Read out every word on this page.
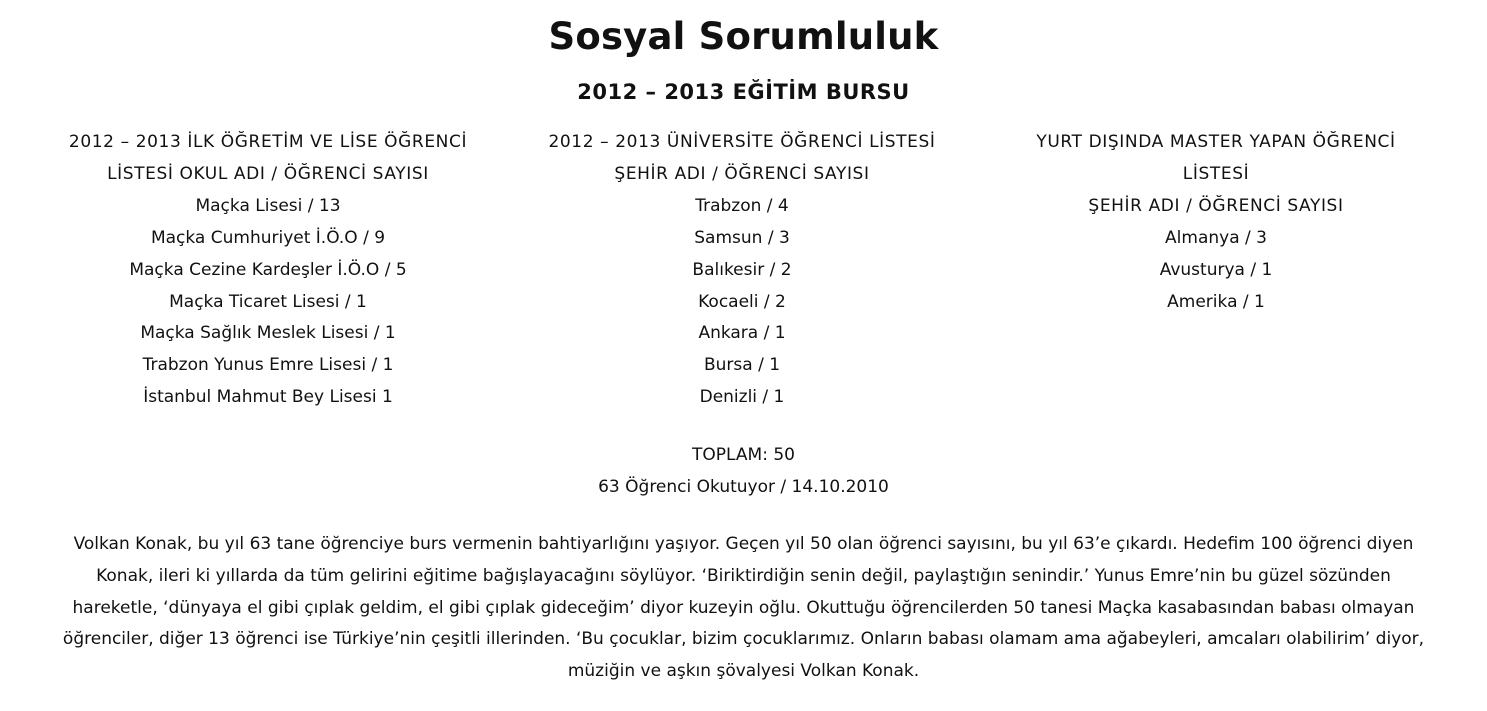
Sosyal Sorumluluk
2012 – 2013 EĞİTİM BURSU
2012 – 2013 İLK ÖĞRETİM VE LİSE ÖĞRENCİ
LİSTESİ OKUL ADI / ÖĞRENCİ SAYISI
Maçka Lisesi / 13
Maçka Cumhuriyet İ.Ö.O / 9
Maçka Cezine Kardeşler İ.Ö.O / 5
Maçka Ticaret Lisesi / 1
Maçka Sağlık Meslek Lisesi / 1
Trabzon Yunus Emre Lisesi / 1
İstanbul Mahmut Bey Lisesi 1
2012 – 2013 ÜNİVERSİTE ÖĞRENCİ LİSTESİ
ŞEHİR ADI / ÖĞRENCİ SAYISI
Trabzon / 4
Samsun / 3
Balıkesir / 2
Kocaeli / 2
Ankara / 1
Bursa / 1
Denizli / 1
YURT DIŞINDA MASTER YAPAN ÖĞRENCİ
LİSTESİ
ŞEHİR ADI / ÖĞRENCİ SAYISI
Almanya / 3
Avusturya / 1
Amerika / 1
TOPLAM: 50
63 Öğrenci Okutuyor / 14.10.2010

Volkan Konak, bu yıl 63 tane öğrenciye burs vermenin bahtiyarlığını yaşıyor. Geçen yıl 50 olan öğrenci sayısını, bu yıl 63’e çıkardı. Hedefim 100 öğrenci diyen Konak, ileri ki yıllarda da tüm gelirini eğitime bağışlayacağını söylüyor. ‘Biriktirdiğin senin değil, paylaştığın senindir.’ Yunus Emre’nin bu güzel sözünden hareketle, ‘dünyaya el gibi çıplak geldim, el gibi çıplak gideceğim’ diyor kuzeyin oğlu. Okuttuğu öğrencilerden 50 tanesi Maçka kasabasından babası olmayan öğrenciler, diğer 13 öğrenci ise Türkiye’nin çeşitli illerinden. ‘Bu çocuklar, bizim çocuklarımız. Onların babası olamam ama ağabeyleri, amcaları olabilirim’ diyor, müziğin ve aşkın şövalyesi Volkan Konak.
